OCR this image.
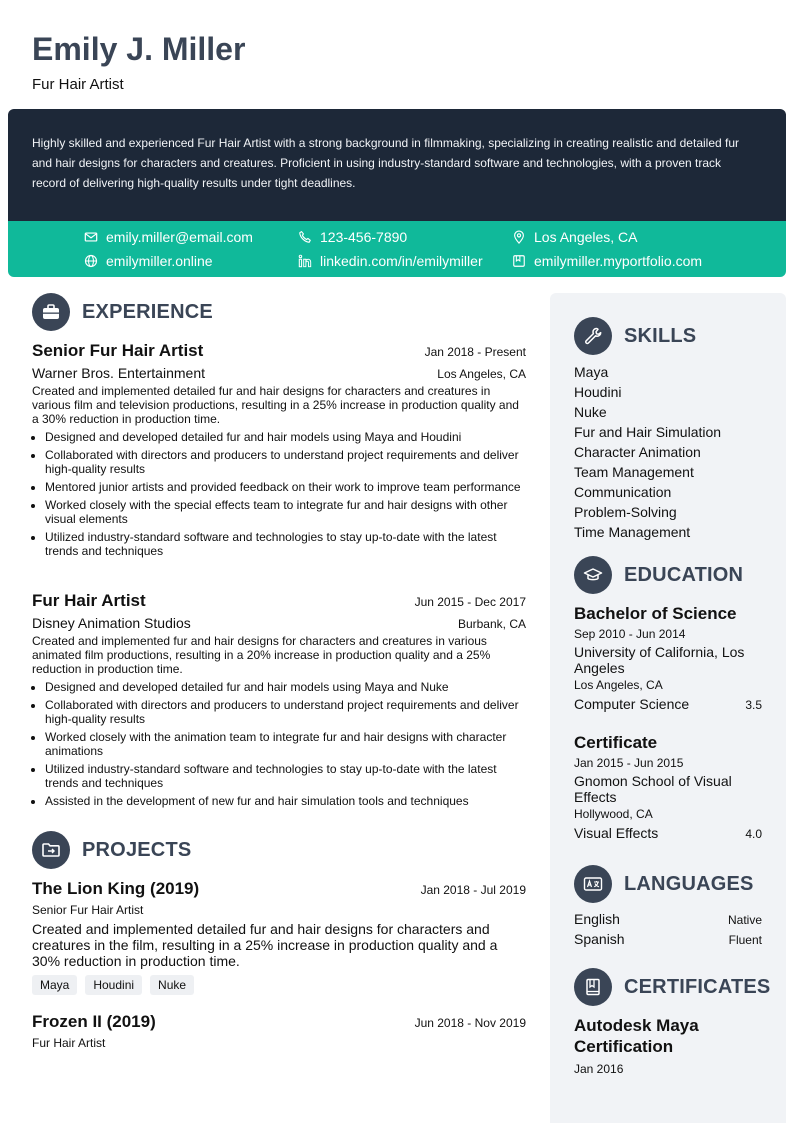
Emily J. Miller
Fur Hair Artist
Highly skilled and experienced Fur Hair Artist with a strong background in filmmaking, specializing in creating realistic and detailed fur and hair designs for characters and creatures. Proficient in using industry-standard software and technologies, with a proven track record of delivering high-quality results under tight deadlines.
emily.miller@email.com	123-456-7890	Los Angeles, CA
emilymiller.online	linkedin.com/in/emilymiller	emilymiller.myportfolio.com
EXPERIENCE
Senior Fur Hair Artist	Jan 2018 - Present
Warner Bros. Entertainment	Los Angeles, CA
Created and implemented detailed fur and hair designs for characters and creatures in various film and television productions, resulting in a 25% increase in production quality and a 30% reduction in production time.
• Designed and developed detailed fur and hair models using Maya and Houdini
• Collaborated with directors and producers to understand project requirements and deliver high-quality results
• Mentored junior artists and provided feedback on their work to improve team performance
• Worked closely with the special effects team to integrate fur and hair designs with other visual elements
• Utilized industry-standard software and technologies to stay up-to-date with the latest trends and techniques
Fur Hair Artist	Jun 2015 - Dec 2017
Disney Animation Studios	Burbank, CA
Created and implemented fur and hair designs for characters and creatures in various animated film productions, resulting in a 20% increase in production quality and a 25% reduction in production time.
• Designed and developed detailed fur and hair models using Maya and Nuke
• Collaborated with directors and producers to understand project requirements and deliver high-quality results
• Worked closely with the animation team to integrate fur and hair designs with character animations
• Utilized industry-standard software and technologies to stay up-to-date with the latest trends and techniques
• Assisted in the development of new fur and hair simulation tools and techniques
PROJECTS
The Lion King (2019)	Jan 2018 - Jul 2019
Senior Fur Hair Artist
Created and implemented detailed fur and hair designs for characters and creatures in the film, resulting in a 25% increase in production quality and a 30% reduction in production time.
Maya	Houdini	Nuke
Frozen II (2019)	Jun 2018 - Nov 2019
Fur Hair Artist
SKILLS
Maya
Houdini
Nuke
Fur and Hair Simulation
Character Animation
Team Management
Communication
Problem-Solving
Time Management
EDUCATION
Bachelor of Science
Sep 2010 - Jun 2014
University of California, Los Angeles
Los Angeles, CA
Computer Science	3.5
Certificate
Jan 2015 - Jun 2015
Gnomon School of Visual Effects
Hollywood, CA
Visual Effects	4.0
LANGUAGES
English	Native
Spanish	Fluent
CERTIFICATES
Autodesk Maya Certification
Jan 2016
